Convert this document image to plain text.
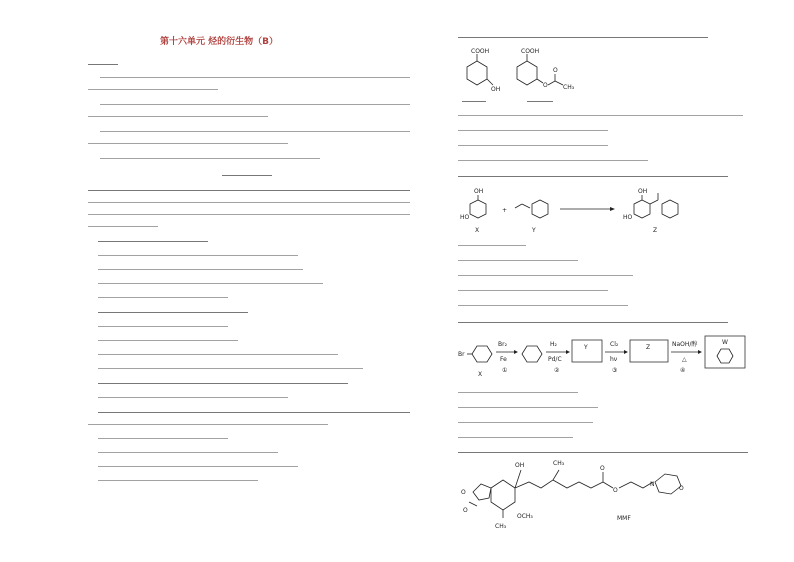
第十六单元 烃的衍生物（B）
COOH
OH
COOH
O
O
CH₃
OH
HO
X
+
Y
OH
HO
Z
Br
X
Br₂
Fe
①
H₂
Pd/C
②
Y	Cl₂
hν
③
Z	NaOH/醇
△
④
W
OH	CH₃
O
O
O
O
N
O
OCH₃
CH₃
MMF
